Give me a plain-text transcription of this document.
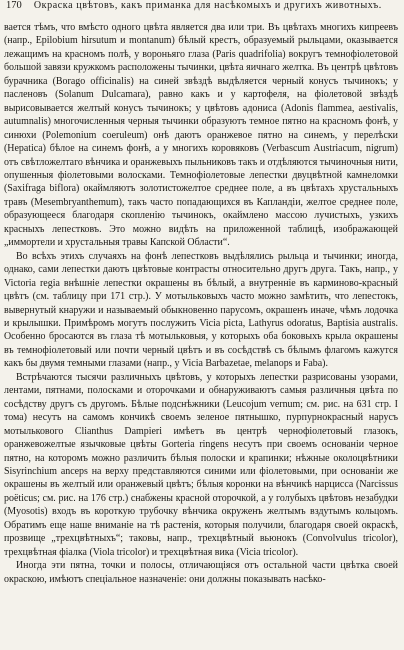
170	Окраска цвѣтовъ, какъ приманка для насѣкомыхъ и другихъ животныхъ.

вается тѣмъ, что вмѣсто одного цвѣта является два или три. Въ цвѣтахъ многихъ кипреевъ (напр., Epilobium hirsutum и montanum) бѣлый крестъ, образуемый рыльцами, оказывается лежащимъ на красномъ полѣ, у вороньяго глаза (Paris quadrifolia) вокругъ темнофіолетовой большой завязи кружкомъ расположены тычинки, цвѣта яичнаго желтка. Въ центрѣ цвѣтовъ бурачника (Borago officinalis) на синей звѣздѣ выдѣляется черный конусъ тычинокъ; у пасленовъ (Solanum Dulcamara), равно какъ и у картофеля, на фіолетовой звѣздѣ вырисовывается желтый конусъ тычинокъ; у цвѣтовъ адониса (Adonis flammea, aestivalis, autumnalis) многочисленныя черныя тычинки образуютъ темное пятно на красномъ фонѣ, у синюхи (Polemonium coeruleum) онѣ даютъ оранжевое пятно на синемъ, у перелѣски (Hepatica) бѣлое на синемъ фонѣ, а у многихъ коровяковъ (Verbascum Austriacum, nigrum) отъ свѣтложелтаго вѣнчика и оранжевыхъ пыльниковъ такъ и отдѣляются тычиночныя нити, опушенныя фіолетовыми волосками. Темнофіолетовые лепестки двуцвѣтной камнеломки (Saxifraga biflora) окаймляютъ золотистожелтое среднее поле, а въ цвѣтахъ хрустальныхъ травъ (Mesembryanthemum), такъ часто попадающихся въ Капландіи, желтое среднее поле, образующееся благодаря скопленію тычинокъ, окаймлено массою лучистыхъ, узкихъ красныхъ лепестковъ. Это можно видѣть на приложенной таблицѣ, изображающей „иммортели и хрустальныя травы Капской Области“.

Во всѣхъ этихъ случаяхъ на фонѣ лепестковъ выдѣлялись рыльца и тычинки; иногда, однако, сами лепестки даютъ цвѣтовые контрасты относительно другъ друга. Такъ, напр., у Victoria regia внѣшніе лепестки окрашены въ бѣлый, а внутренніе въ карминово-красный цвѣтъ (см. таблицу при 171 стр.). У мотыльковыхъ часто можно замѣтить, что лепестокъ, вывернутый кнаружи и называемый обыкновенно парусомъ, окрашенъ иначе, чѣмъ лодочка и крылышки. Примѣромъ могутъ послужить Vicia picta, Lathyrus odoratus, Baptisia australis. Особенно бросаются въ глаза тѣ мотыльковыя, у которыхъ оба боковыхъ крыла окрашены въ темнофіолетовый или почти черный цвѣтъ и въ сосѣдствѣ съ бѣлымъ флагомъ кажутся какъ бы двумя темными глазами (напр., у Vicia Barbazetae, melanops и Faba).

Встрѣчаются тысячи различныхъ цвѣтовъ, у которыхъ лепестки разрисованы узорами, лентами, пятнами, полосками и оторочками и обнаруживаютъ самыя различныя цвѣта по сосѣдству другъ съ другомъ. Бѣлые подснѣжники (Leucojum vernum; см. рис. на 631 стр. I тома) несутъ на самомъ кончикѣ своемъ зеленое пятнышко, пурпурнокрасный нарусъ мотылькового Clianthus Dampieri имѣетъ въ центрѣ чернофіолетовый глазокъ, оранжевожелтые язычковые цвѣты Gorteria ringens несутъ при своемъ основаніи черное пятно, на которомъ можно различить бѣлыя полоски и крапинки; нѣжные околоцвѣтники Sisyrinchium anceps на верху представляются синими или фіолетовыми, при основаніи же окрашены въ желтый или оранжевый цвѣтъ; бѣлыя коронки на вѣнчикѣ нарцисса (Narcissus poëticus; см. рис. на 176 стр.) снабжены красной оторочкой, а у голубыхъ цвѣтовъ незабудки (Myosotis) входъ въ короткую трубочку вѣнчика окруженъ желтымъ вздутымъ кольцомъ. Обратимъ еще наше вниманіе на тѣ растенія, которыя получили, благодаря своей окраскѣ, прозвище „трехцвѣтныхъ“; таковы, напр., трехцвѣтный вьюнокъ (Convolvulus tricolor), трехцвѣтная фіалка (Viola tricolor) и трехцвѣтная вика (Vicia tricolor).

Иногда эти пятна, точки и полосы, отличающіяся отъ остальной части цвѣтка своей окраскою, имѣютъ спеціальное назначеніе: они должны показывать насѣко-
